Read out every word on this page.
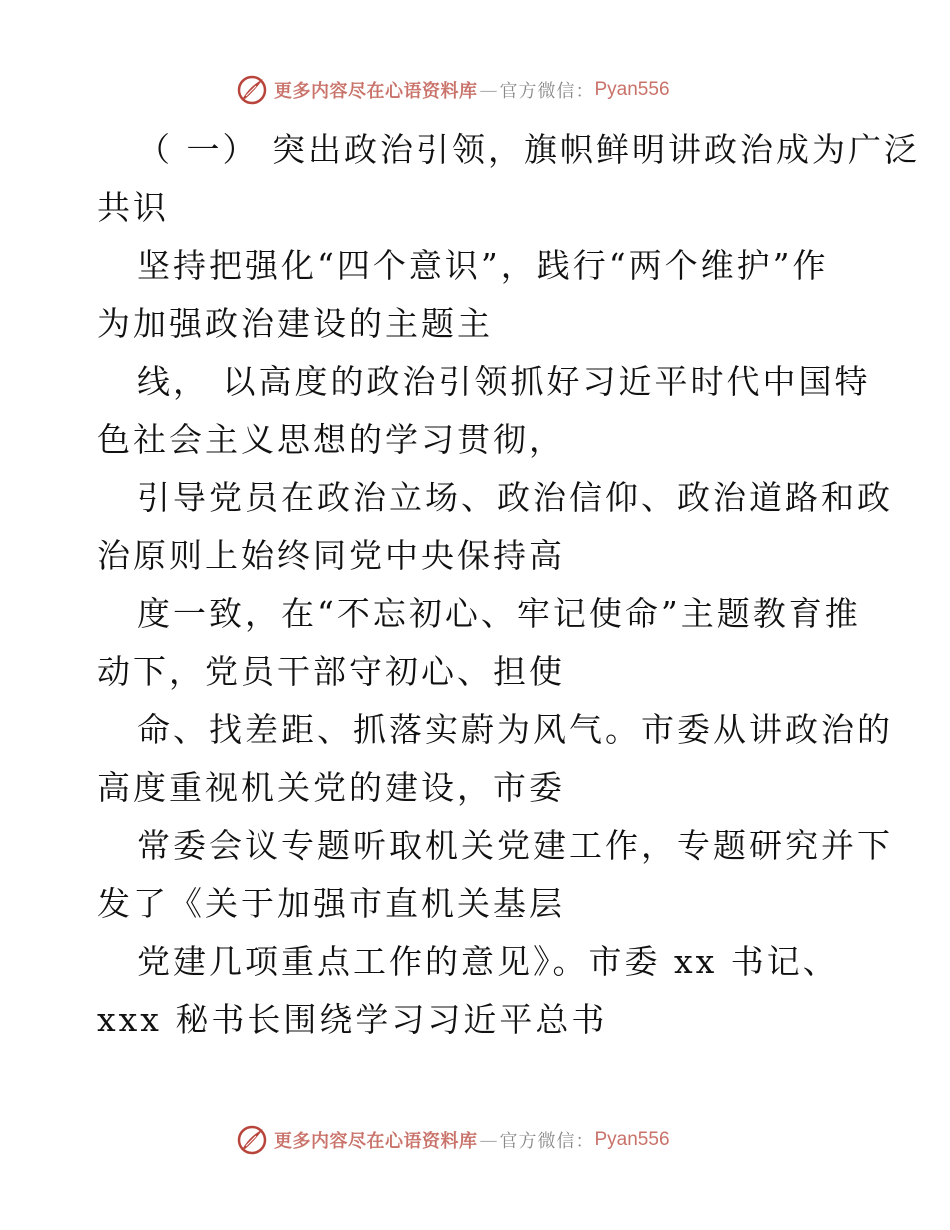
更多内容尽在心语资料库 — 官方微信： Pyan556
（ 一） 突出政治引领，旗帜鲜明讲政治成为广泛
共识
坚持把强化“四个意识”，践行“两个维护”作
为加强政治建设的主题主
线， 以高度的政治引领抓好习近平时代中国特
色社会主义思想的学习贯彻，
引导党员在政治立场、政治信仰、政治道路和政
治原则上始终同党中央保持高
度一致，在“不忘初心、牢记使命”主题教育推
动下，党员干部守初心、担使
命、找差距、抓落实蔚为风气。市委从讲政治的
高度重视机关党的建设，市委
常委会议专题听取机关党建工作，专题研究并下
发了《关于加强市直机关基层
党建几项重点工作的意见》。市委 xx 书记、
xxx 秘书长围绕学习习近平总书
更多内容尽在心语资料库 — 官方微信： Pyan556
